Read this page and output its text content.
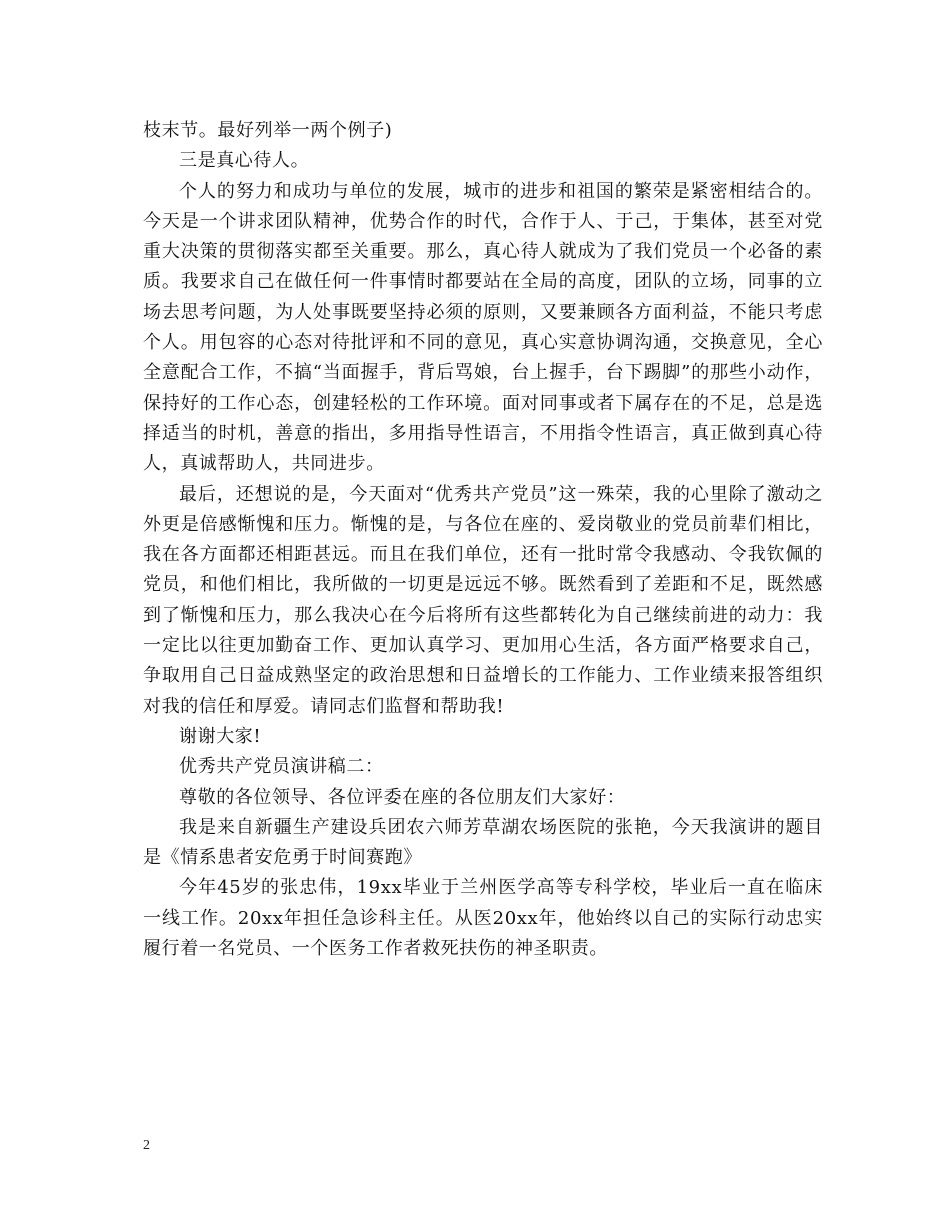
枝末节。最好列举一两个例子)

三是真心待人。

个人的努力和成功与单位的发展，城市的进步和祖国的繁荣是紧密相结合的。今天是一个讲求团队精神，优势合作的时代，合作于人、于己，于集体，甚至对党重大决策的贯彻落实都至关重要。那么，真心待人就成为了我们党员一个必备的素质。我要求自己在做任何一件事情时都要站在全局的高度，团队的立场，同事的立场去思考问题，为人处事既要坚持必须的原则，又要兼顾各方面利益，不能只考虑个人。用包容的心态对待批评和不同的意见，真心实意协调沟通，交换意见，全心全意配合工作，不搞“当面握手，背后骂娘，台上握手，台下踢脚”的那些小动作，保持好的工作心态，创建轻松的工作环境。面对同事或者下属存在的不足，总是选择适当的时机，善意的指出，多用指导性语言，不用指令性语言，真正做到真心待人，真诚帮助人，共同进步。

最后，还想说的是，今天面对“优秀共产党员”这一殊荣，我的心里除了激动之外更是倍感惭愧和压力。惭愧的是，与各位在座的、爱岗敬业的党员前辈们相比，我在各方面都还相距甚远。而且在我们单位，还有一批时常令我感动、令我钦佩的党员，和他们相比，我所做的一切更是远远不够。既然看到了差距和不足，既然感到了惭愧和压力，那么我决心在今后将所有这些都转化为自己继续前进的动力：我一定比以往更加勤奋工作、更加认真学习、更加用心生活，各方面严格要求自己，争取用自己日益成熟坚定的政治思想和日益增长的工作能力、工作业绩来报答组织对我的信任和厚爱。请同志们监督和帮助我!

谢谢大家!

优秀共产党员演讲稿二：

尊敬的各位领导、各位评委在座的各位朋友们大家好：

我是来自新疆生产建设兵团农六师芳草湖农场医院的张艳，今天我演讲的题目是《情系患者安危勇于时间赛跑》

今年45岁的张忠伟，19xx毕业于兰州医学高等专科学校，毕业后一直在临床一线工作。20xx年担任急诊科主任。从医20xx年，他始终以自己的实际行动忠实履行着一名党员、一个医务工作者救死扶伤的神圣职责。

2
